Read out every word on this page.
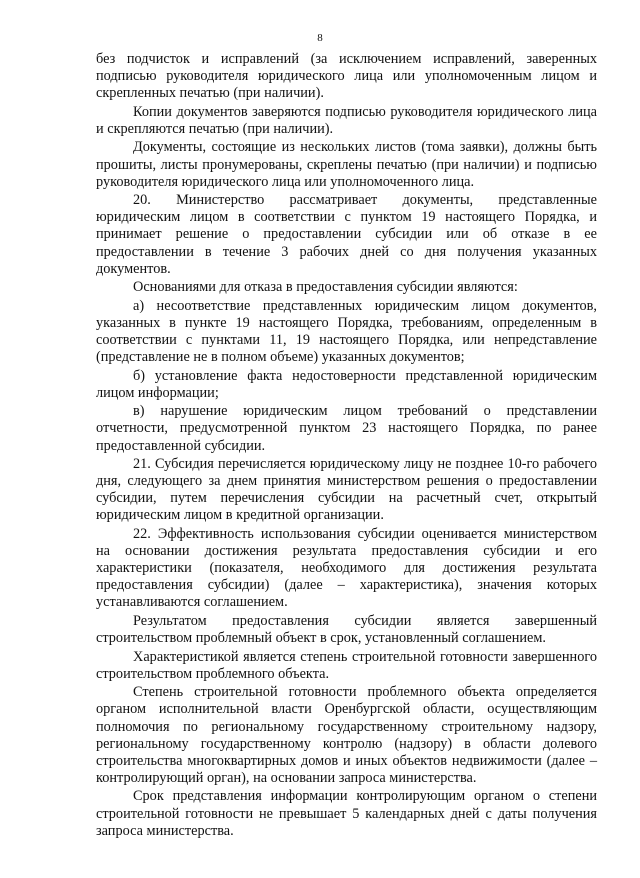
8

без подчисток и исправлений (за исключением исправлений, заверенных подписью руководителя юридического лица или уполномоченным лицом и скрепленных печатью (при наличии).

Копии документов заверяются подписью руководителя юридического лица и скрепляются печатью (при наличии).

Документы, состоящие из нескольких листов (тома заявки), должны быть прошиты, листы пронумерованы, скреплены печатью (при наличии) и подписью руководителя юридического лица или уполномоченного лица.

20. Министерство рассматривает документы, представленные юридическим лицом в соответствии с пунктом 19 настоящего Порядка, и принимает решение о предоставлении субсидии или об отказе в ее предоставлении в течение 3 рабочих дней со дня получения указанных документов.

Основаниями для отказа в предоставления субсидии являются:

а) несоответствие представленных юридическим лицом документов, указанных в пункте 19 настоящего Порядка, требованиям, определенным в соответствии с пунктами 11, 19 настоящего Порядка, или непредставление (представление не в полном объеме) указанных документов;

б) установление факта недостоверности представленной юридическим лицом информации;

в) нарушение юридическим лицом требований о представлении отчетности, предусмотренной пунктом 23 настоящего Порядка, по ранее предоставленной субсидии.

21. Субсидия перечисляется юридическому лицу не позднее 10-го рабочего дня, следующего за днем принятия министерством решения о предоставлении субсидии, путем перечисления субсидии на расчетный счет, открытый юридическим лицом в кредитной организации.

22. Эффективность использования субсидии оценивается министерством на основании достижения результата предоставления субсидии и его характеристики (показателя, необходимого для достижения результата предоставления субсидии) (далее – характеристика), значения которых устанавливаются соглашением.

Результатом предоставления субсидии является завершенный строительством проблемный объект в срок, установленный соглашением.

Характеристикой является степень строительной готовности завершенного строительством проблемного объекта.

Степень строительной готовности проблемного объекта определяется органом исполнительной власти Оренбургской области, осуществляющим полномочия по региональному государственному строительному надзору, региональному государственному контролю (надзору) в области долевого строительства многоквартирных домов и иных объектов недвижимости (далее – контролирующий орган), на основании запроса министерства.

Срок представления информации контролирующим органом о степени строительной готовности не превышает 5 календарных дней с даты получения запроса министерства.
